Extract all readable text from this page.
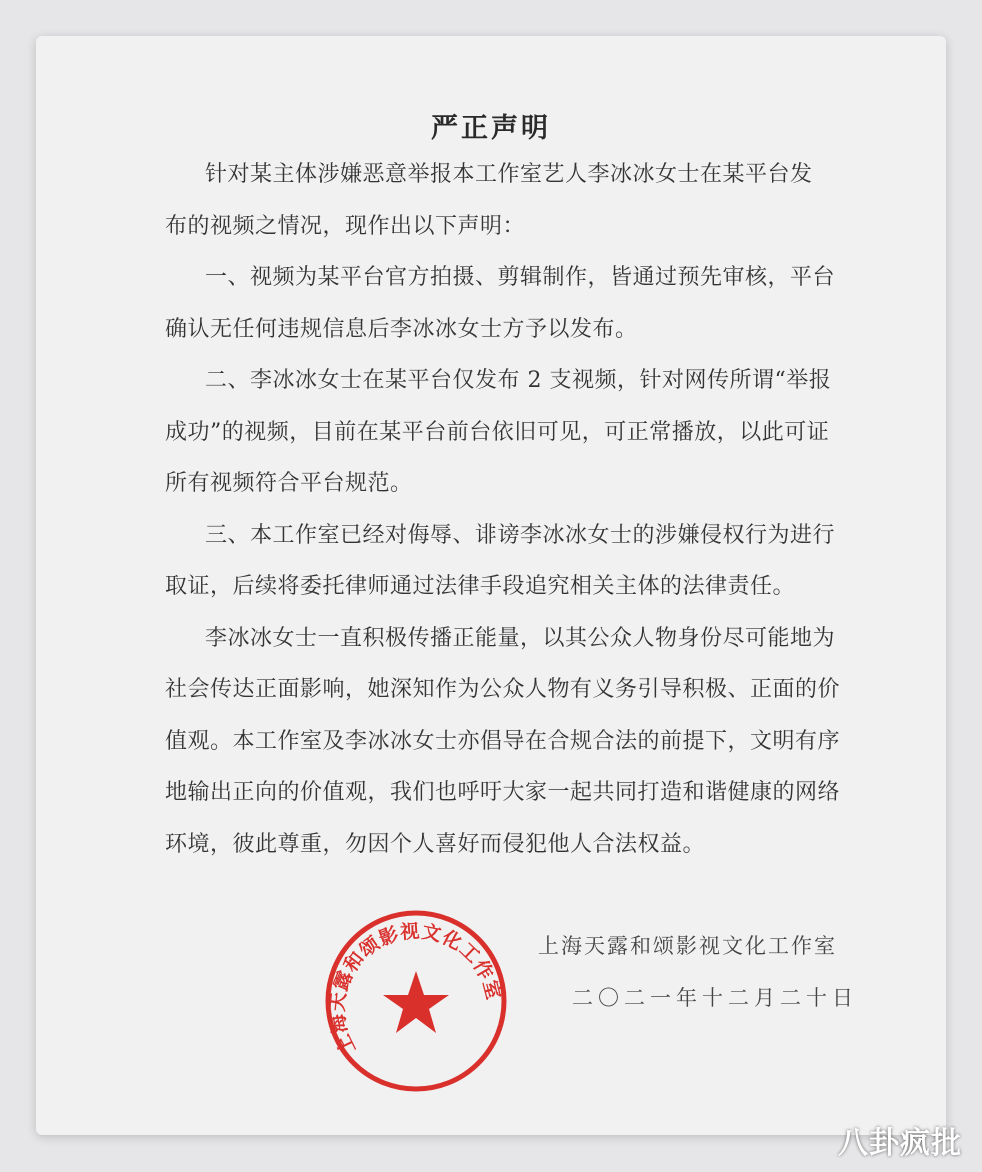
严正声明
针对某主体涉嫌恶意举报本工作室艺人李冰冰女士在某平台发
布的视频之情况，现作出以下声明：
一、视频为某平台官方拍摄、剪辑制作，皆通过预先审核，平台
确认无任何违规信息后李冰冰女士方予以发布。
二、李冰冰女士在某平台仅发布 2 支视频，针对网传所谓“举报
成功”的视频，目前在某平台前台依旧可见，可正常播放，以此可证
所有视频符合平台规范。
三、本工作室已经对侮辱、诽谤李冰冰女士的涉嫌侵权行为进行
取证，后续将委托律师通过法律手段追究相关主体的法律责任。
李冰冰女士一直积极传播正能量，以其公众人物身份尽可能地为
社会传达正面影响，她深知作为公众人物有义务引导积极、正面的价
值观。本工作室及李冰冰女士亦倡导在合规合法的前提下，文明有序
地输出正向的价值观，我们也呼吁大家一起共同打造和谐健康的网络
环境，彼此尊重，勿因个人喜好而侵犯他人合法权益。
上海天露和颂影视文化工作室
二〇二一年十二月二十日
上海天露和颂影视文化工作室
八卦疯批
